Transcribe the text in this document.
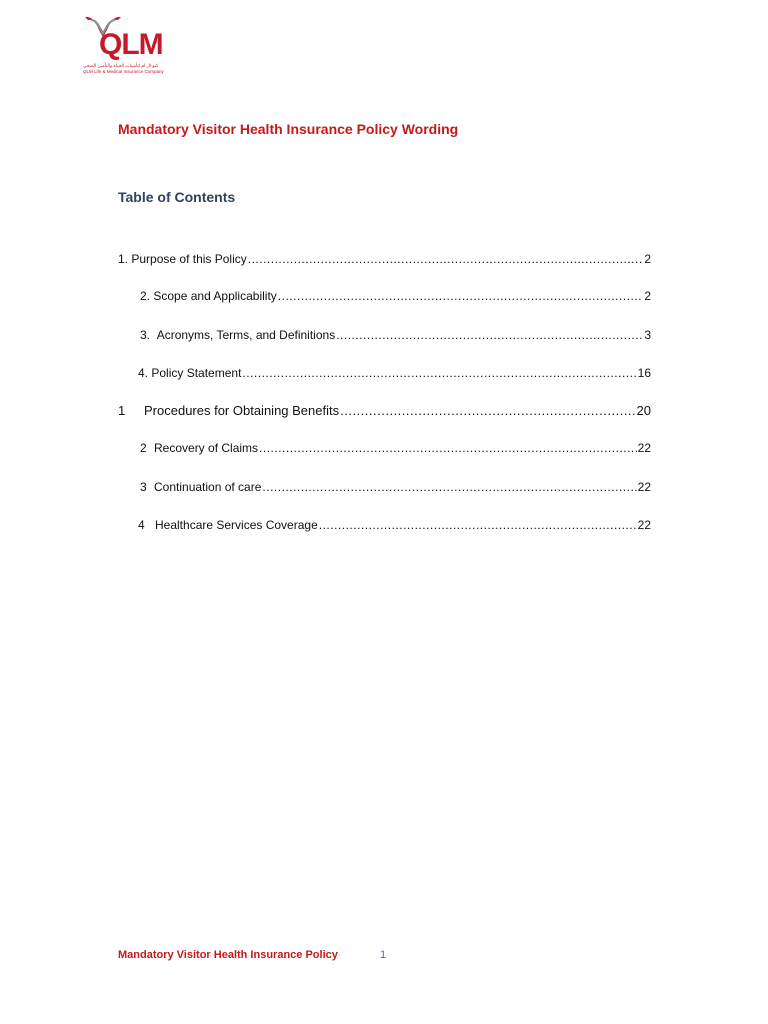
QLM
كيو ال ام لتأمينات الحياة والتأمين الصحي
QLM Life & Medical Insurance Company
Mandatory Visitor Health Insurance Policy Wording
Table of Contents
1.
Purpose of this Policy .....	2
2.
Scope and Applicability .....	2
3.
Acronyms, Terms, and Definitions .....	3
4.
Policy Statement .....	16
1	Procedures for Obtaining Benefits .....	20
2 Recovery of Claims .....	22
3 Continuation of care .....	22
4 Healthcare Services Coverage .....	22
Mandatory Visitor Health Insurance Policy	1
